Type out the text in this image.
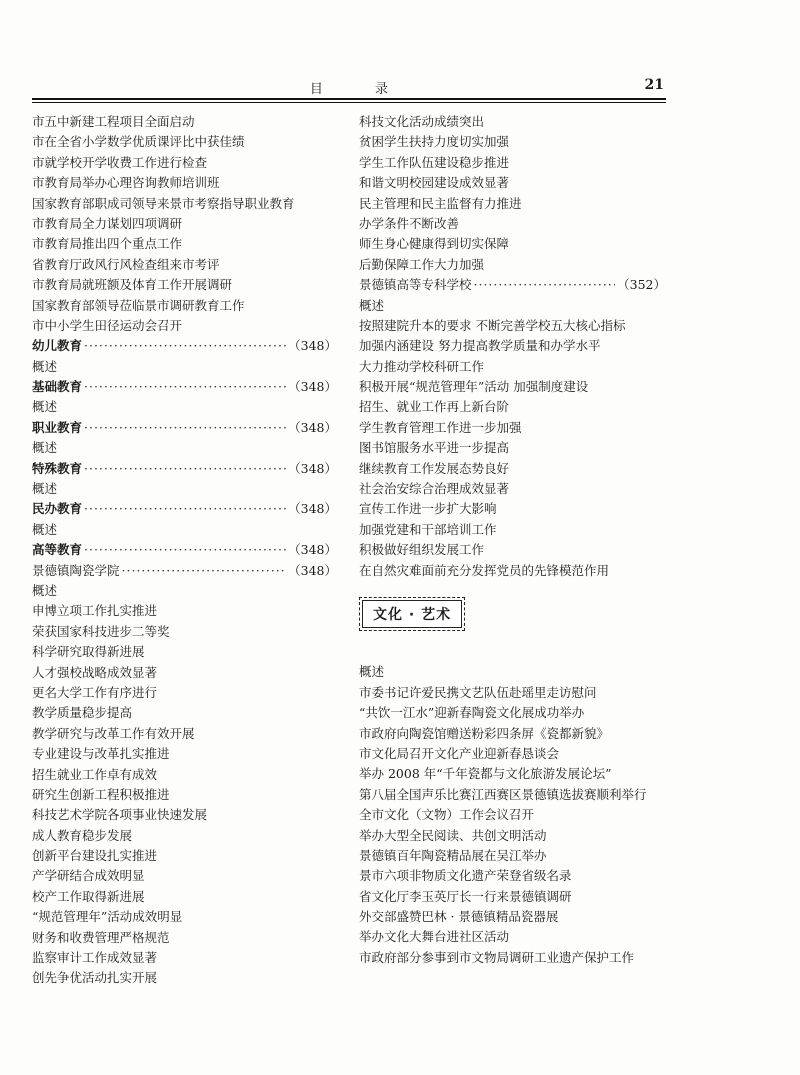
目 录	21
市五中新建工程项目全面启动
市在全省小学数学优质课评比中获佳绩
市就学校开学收费工作进行检查
市教育局举办心理咨询教师培训班
国家教育部职成司领导来景市考察指导职业教育
市教育局全力谋划四项调研
市教育局推出四个重点工作
省教育厅政风行风检查组来市考评
市教育局就班额及体育工作开展调研
国家教育部领导莅临景市调研教育工作
市中小学生田径运动会召开
幼儿教育 ·····	（348）
概述
基础教育 ·····	（348）
概述
职业教育 ·····	（348）
概述
特殊教育 ·····	（348）
概述
民办教育 ·····	（348）
概述
高等教育 ·····	（348）
景德镇陶瓷学院 ·····	（348）
概述
申博立项工作扎实推进
荣获国家科技进步二等奖
科学研究取得新进展
人才强校战略成效显著
更名大学工作有序进行
教学质量稳步提高
教学研究与改革工作有效开展
专业建设与改革扎实推进
招生就业工作卓有成效
研究生创新工程积极推进
科技艺术学院各项事业快速发展
成人教育稳步发展
创新平台建设扎实推进
产学研结合成效明显
校产工作取得新进展
“规范管理年”活动成效明显
财务和收费管理严格规范
监察审计工作成效显著
创先争优活动扎实开展
科技文化活动成绩突出
贫困学生扶持力度切实加强
学生工作队伍建设稳步推进
和谐文明校园建设成效显著
民主管理和民主监督有力推进
办学条件不断改善
师生身心健康得到切实保障
后勤保障工作大力加强
景德镇高等专科学校 ·····	（352）
概述
按照建院升本的要求 不断完善学校五大核心指标
加强内涵建设 努力提高教学质量和办学水平
大力推动学校科研工作
积极开展“规范管理年”活动 加强制度建设
招生、就业工作再上新台阶
学生教育管理工作进一步加强
图书馆服务水平进一步提高
继续教育工作发展态势良好
社会治安综合治理成效显著
宣传工作进一步扩大影响
加强党建和干部培训工作
积极做好组织发展工作
在自然灾难面前充分发挥党员的先锋模范作用
文化 · 艺术
概述
市委书记许爱民携文艺队伍赴瑶里走访慰问
“共饮一江水”迎新春陶瓷文化展成功举办
市政府向陶瓷馆赠送粉彩四条屏《瓷都新貌》
市文化局召开文化产业迎新春恳谈会
举办 2008 年“千年瓷都与文化旅游发展论坛”
第八届全国声乐比赛江西赛区景德镇选拔赛顺利举行
全市文化（文物）工作会议召开
举办大型全民阅读、共创文明活动
景德镇百年陶瓷精品展在吴江举办
景市六项非物质文化遗产荣登省级名录
省文化厅李玉英厅长一行来景德镇调研
外交部盛赞巴林 · 景德镇精品瓷器展
举办文化大舞台进社区活动
市政府部分参事到市文物局调研工业遗产保护工作
